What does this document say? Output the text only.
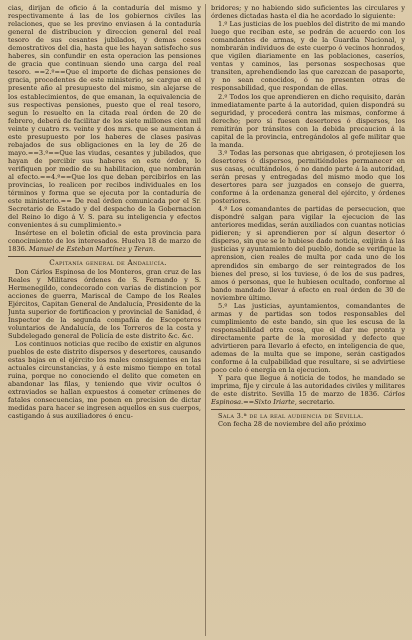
cias, dirijan de oficio á la contaduría del mismo y respectivamente á las de los gobiernos civiles las relaciones, que se les previno enviasen á la contaduría general de distribucion y direccion general del real tesoro de sus cesantes jubilados, y demas cesos demostrativos del dia, hasta que les hayan satisfecho sus haberes, sin confundir en esta operacion las pensiones de gracia que continuan siendo una carga del real tesoro. ==2.º==Que el importe de dichas pensiones de gracia, procedentes de este ministerio, se cargue en el presente año al presupuesto del mismo, sin alejarse de los establecimientos, de que emanan, la equivalencia de sus respectivas pensiones, puesto que el real tesoro, segun lo resuelto en la citada real órden de 20 de febrero, deberá de facilitar de los siete millones cien mil veinte y cuatro rs. veinte y dos mrs. que se aumentan á este presupuesto por los haberes de clases pasivas rebajados de sus obligaciones en la ley de 26 de mayo.==3.º==Que las viudas, cesantes y jubilados, que hayan de percibir sus haberes en este órden, lo verifiquen por medio de su habilitacion, que nombrarán al efecto.==4.º==Que los que deban percibirlos en las provincias, lo realicen por recibos individuales en los términos y forma que se ejecuta por la contaduría de este ministerio.== De real órden comunicada por el Sr. Secretario de Estado y del despacho de la Gobernacion del Reino lo digo á V. S. para su inteligencia y efectos convenientes á su cumplimiento.»

Insértese en el boletin oficial de esta provincia para conocimiento de los interesados. Huelva 18 de marzo de 1836. Manuel de Esteban Martínez y Teran.

Capitanía general de Andalucía.

Don Cárlos Espinosa de los Monteros, gran cruz de las Reales y Militares órdenes de S. Fernando y S. Hermenegildo, condecorado con varias de distincion por acciones de guerra, Mariscal de Campo de los Reales Ejércitos, Capitan General de Andalucía, Presidente de la Junta superior de fortificacion y provincial de Sanidad, é Inspector de la segunda compañía de Escopeteros voluntarios de Andalucía, de los Torreros de la costa y Subdelegado general de Policía de este distrito &c. &c.

Los continuos noticias que recibo de existir en algunos pueblos de este distrito dispersos y desertores, causando estas bajas en el ejército los males consiguientes en las actuales circunstancias, y á este mismo tiempo en total ruina, porque no conociendo el delito que cometen en abandonar las filas, y teniendo que vivir ocultos ó extraviados se hallan expuestos á cometer crímenes de fatales consecuencias, me ponen en precision de dictar medidas para hacer se ingresen aquellos en sus cuerpos, castigando á sus auxiliadores ó encu-

bridores; y no habiendo sido suficientes las circulares y órdenes dictadas hasta el dia he acordado lo siguiente:

1.º Las justicias de los pueblos del distrito de mi mando luego que reciban este, se podrán de acuerdo con los comandantes de armas, y de la Guardia Nacional, y nombrarán individuos de este cuerpo ó vecinos honrados, que vigilen diariamente en las poblaciones, caseríos, ventas y caminos, las personas sospechosas que transiten, aprehendiendo las que carezcan de pasaporte, y no sean conocidos, ó no presenten otras de responsabilidad, que respondan de ellas.

2.º Todos los que aprendieren en dicho requisito, darán inmediatamente parte á la autoridad, quien dispondrá su seguridad, y procederá contra las mismas, conforme á derecho; pero si fuesen desertores ó dispersos, los remitirán por tránsitos con la debida precaucion á la capital de la provincia, entregándolos al gefe militar que la manda.

3.º Todas las personas que abrigasen, ó protejiesen los desertores ó dispersos, permitiéndoles permanecer en sus casas, ocultándolos, ó no dando parte á la autoridad, serán presas y entregadas del mismo modo que los desertores para ser juzgados en consejo de guerra, conforme á la ordenanza general del ejército, y órdenes posteriores.

4.º Los comandantes de partidas de persecucion, que dispondré salgan para vigilar la ejecucion de las anteriores medidas, serán auxiliados con cuantas noticias pidieren; y si aprendieren por sí algun desertor ó disperso, sin que se le hubiese dado noticia, exijirán á las justicias y ayuntamiento del pueblo, donde se verifique la aprension, cien reales de multa por cada uno de los aprendidos sin embargo de ser reintegrados de los bienes del preso, si los tuviese, ó de los de sus padres, amos ó personas, que le hubiesen ocultado, conforme al bando mandado llevar á efecto en real órden de 30 de noviembre último.

5.º Las justicias, ayuntamientos, comandantes de armas y de partidas son todos responsables del cumplimiento de este bando, sin que les escusa de la responsabilidad otra cosa, que el dar me pronta y directamente parte de la morosidad y defecto que advirtieren para llevarlo á efecto, en inteligencia de que, ademas de la multa que se impone, serán castigados conforme á la culpabilidad que resultare, si se advirtiese poco celo ó energía en la ejecucion.

Y para que llegue á noticia de todos, he mandado se imprima, fije y circule á las autoridades civiles y militares de este distrito. Sevilla 15 de marzo de 1836. Cárlos Espinosa.==Sixto Iriarte, secretario.

Sala 3.ª de la real audiencia de Sevilla.

Con fecha 28 de noviembre del año próximo
